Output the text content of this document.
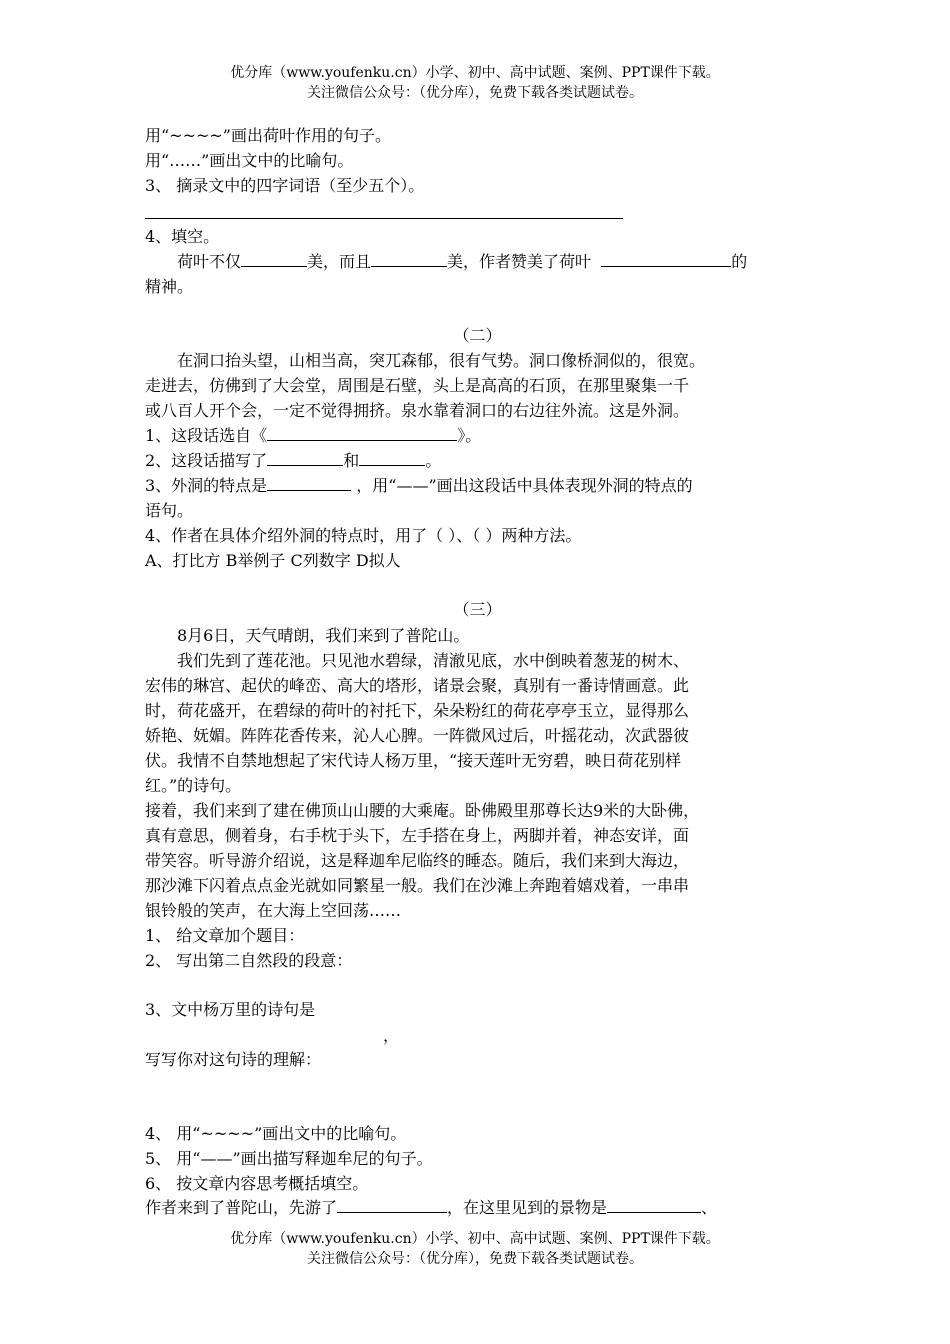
优分库（www.youfenku.cn）小学、初中、高中试题、案例、PPT课件下载。
关注微信公众号：（优分库），免费下载各类试题试卷。
用“~~~~”画出荷叶作用的句子。
用“……”画出文中的比喻句。
3、 摘录文中的四字词语（至少五个）。
4、填空。
荷叶不仅	美，而且	美，作者赞美了荷叶	的
精神。
（二）
在洞口抬头望，山相当高，突兀森郁，很有气势。洞口像桥洞似的，很宽。
走进去，仿佛到了大会堂，周围是石壁，头上是高高的石顶，在那里聚集一千
或八百人开个会，一定不觉得拥挤。泉水靠着洞口的右边往外流。这是外洞。
1、这段话选自《	》。
2、这段话描写了	和	。
3、外洞的特点是	，用“——”画出这段话中具体表现外洞的特点的
语句。
4、作者在具体介绍外洞的特点时，用了（ ）、（ ）两种方法。
A、打比方 B举例子 C列数字 D拟人
（三）
8月6日，天气晴朗，我们来到了普陀山。
我们先到了莲花池。只见池水碧绿，清澈见底，水中倒映着葱茏的树木、
宏伟的琳宫、起伏的峰峦、高大的塔形，诸景会聚，真别有一番诗情画意。此
时，荷花盛开，在碧绿的荷叶的衬托下，朵朵粉红的荷花亭亭玉立，显得那么
娇艳、妩媚。阵阵花香传来，沁人心脾。一阵微风过后，叶摇花动，次武器彼
伏。我情不自禁地想起了宋代诗人杨万里，“接天莲叶无穷碧，映日荷花别样
红。”的诗句。
接着，我们来到了建在佛顶山山腰的大乘庵。卧佛殿里那尊长达9米的大卧佛，
真有意思，侧着身，右手枕于头下，左手搭在身上，两脚并着，神态安详，面
带笑容。听导游介绍说，这是释迦牟尼临终的睡态。随后，我们来到大海边，
那沙滩下闪着点点金光就如同繁星一般。我们在沙滩上奔跑着嬉戏着，一串串
银铃般的笑声，在大海上空回荡……
1、 给文章加个题目：
2、 写出第二自然段的段意：
3、文中杨万里的诗句是
，
写写你对这句诗的理解：
4、 用“~~~~”画出文中的比喻句。
5、 用“——”画出描写释迦牟尼的句子。
6、 按文章内容思考概括填空。
作者来到了普陀山，先游了	，在这里见到的景物是	、
优分库（www.youfenku.cn）小学、初中、高中试题、案例、PPT课件下载。
关注微信公众号：（优分库），免费下载各类试题试卷。
